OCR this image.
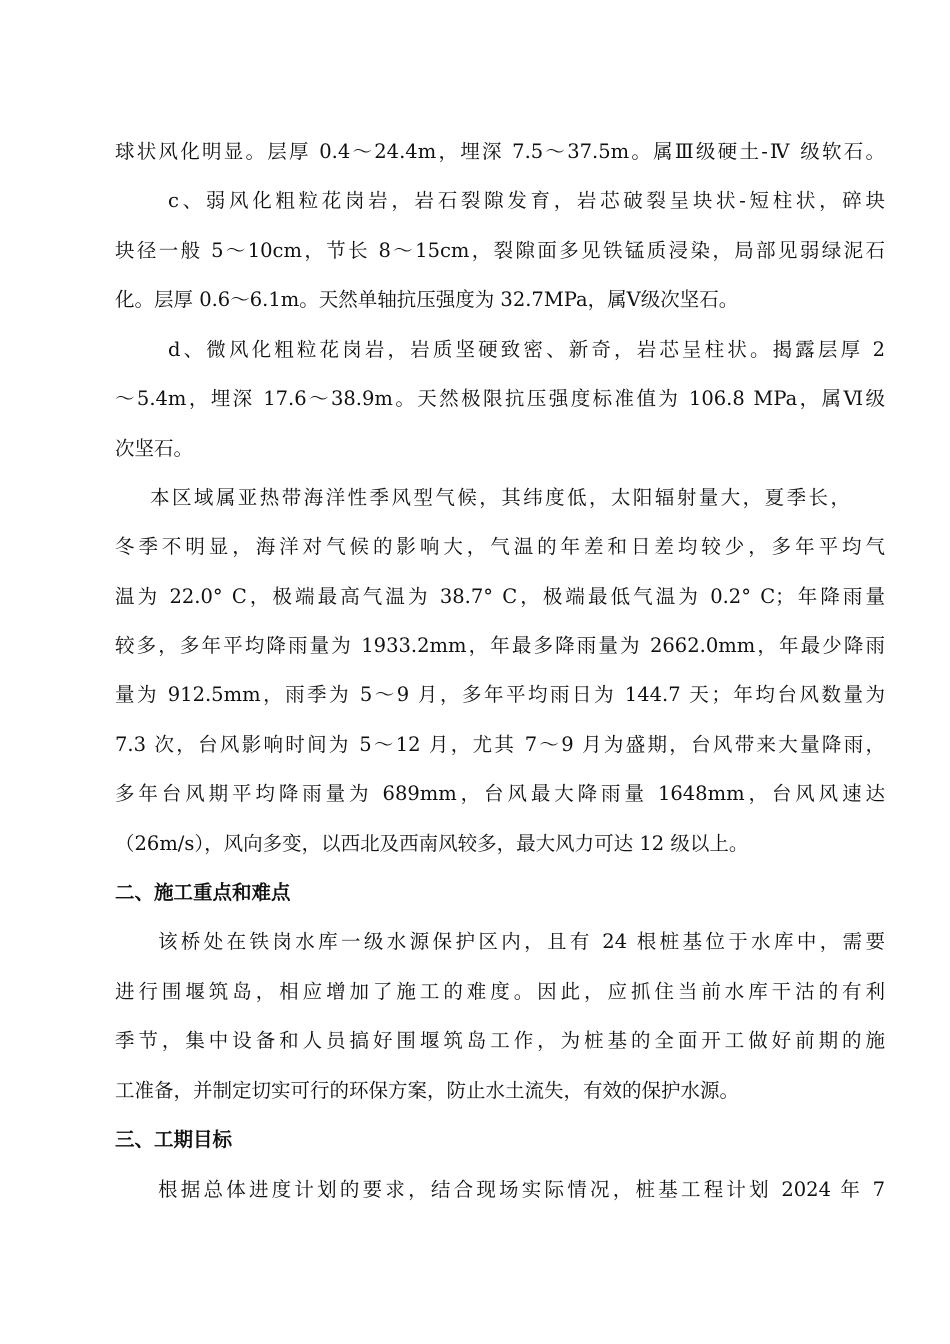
球状风化明显。层厚 0.4～24.4m，埋深 7.5～37.5m。属Ⅲ级硬土-Ⅳ 级软石。
c、弱风化粗粒花岗岩，岩石裂隙发育，岩芯破裂呈块状-短柱状，碎块
块径一般 5～10cm，节长 8～15cm，裂隙面多见铁锰质浸染，局部见弱绿泥石
化。层厚 0.6～6.1m。天然单轴抗压强度为 32.7MPa，属Ⅴ级次坚石。
d、微风化粗粒花岗岩，岩质坚硬致密、新奇，岩芯呈柱状。揭露层厚 2
～5.4m，埋深 17.6～38.9m。天然极限抗压强度标准值为 106.8 MPa，属Ⅵ级
次坚石。
本区域属亚热带海洋性季风型气候，其纬度低，太阳辐射量大，夏季长，
冬季不明显，海洋对气候的影响大，气温的年差和日差均较少，多年平均气
温为 22.0° C，极端最高气温为 38.7° C，极端最低气温为 0.2° C；年降雨量
较多，多年平均降雨量为 1933.2mm，年最多降雨量为 2662.0mm，年最少降雨
量为 912.5mm，雨季为 5～9 月，多年平均雨日为 144.7 天；年均台风数量为
7.3 次，台风影响时间为 5～12 月，尤其 7～9 月为盛期，台风带来大量降雨，
多年台风期平均降雨量为 689mm，台风最大降雨量 1648mm，台风风速达
（26m/s），风向多变，以西北及西南风较多，最大风力可达 12 级以上。
二、施工重点和难点
该桥处在铁岗水库一级水源保护区内，且有 24 根桩基位于水库中，需要
进行围堰筑岛，相应增加了施工的难度。因此，应抓住当前水库干沽的有利
季节，集中设备和人员搞好围堰筑岛工作，为桩基的全面开工做好前期的施
工准备，并制定切实可行的环保方案，防止水土流失，有效的保护水源。
三、工期目标
根据总体进度计划的要求，结合现场实际情况，桩基工程计划 2024 年 7
